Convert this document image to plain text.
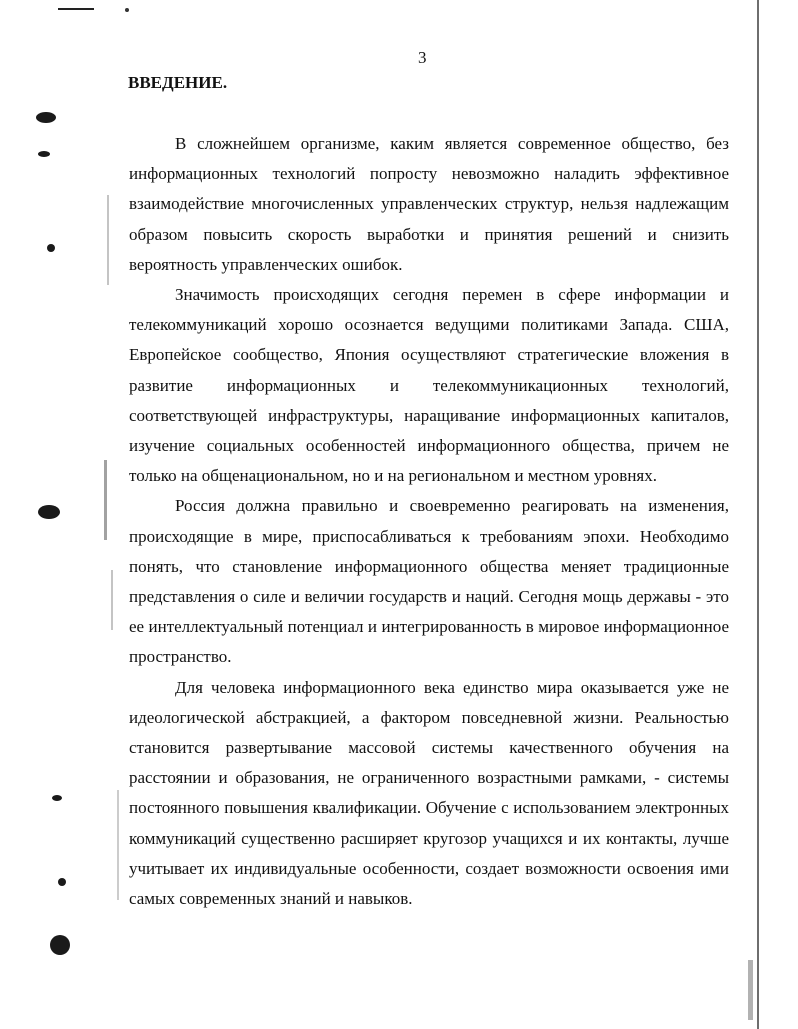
3
ВВЕДЕНИЕ.

В сложнейшем организме, каким является современное общество, без информационных технологий попросту невозможно наладить эффективное взаимодействие многочисленных управленческих структур, нельзя надлежащим образом повысить скорость выработки и принятия решений и снизить вероятность управленческих ошибок.

Значимость происходящих сегодня перемен в сфере информации и телекоммуникаций хорошо осознается ведущими политиками Запада. США, Европейское сообщество, Япония осуществляют стратегические вложения в развитие информационных и телекоммуникационных технологий, соответствующей инфраструктуры, наращивание информационных капиталов, изучение социальных особенностей информационного общества, причем не только на общенациональном, но и на региональном и местном уровнях.

Россия должна правильно и своевременно реагировать на изменения, происходящие в мире, приспосабливаться к требованиям эпохи. Необходимо понять, что становление информационного общества меняет традиционные представления о силе и величии государств и наций. Сегодня мощь державы - это ее интеллектуальный потенциал и интегрированность в мировое информационное пространство.

Для человека информационного века единство мира оказывается уже не идеологической абстракцией, а фактором повседневной жизни. Реальностью становится развертывание массовой системы качественного обучения на расстоянии и образования, не ограниченного возрастными рамками, - системы постоянного повышения квалификации. Обучение с использованием электронных коммуникаций существенно расширяет кругозор учащихся и их контакты, лучше учитывает их индивидуальные особенности, создает возможности освоения ими самых современных знаний и навыков.
